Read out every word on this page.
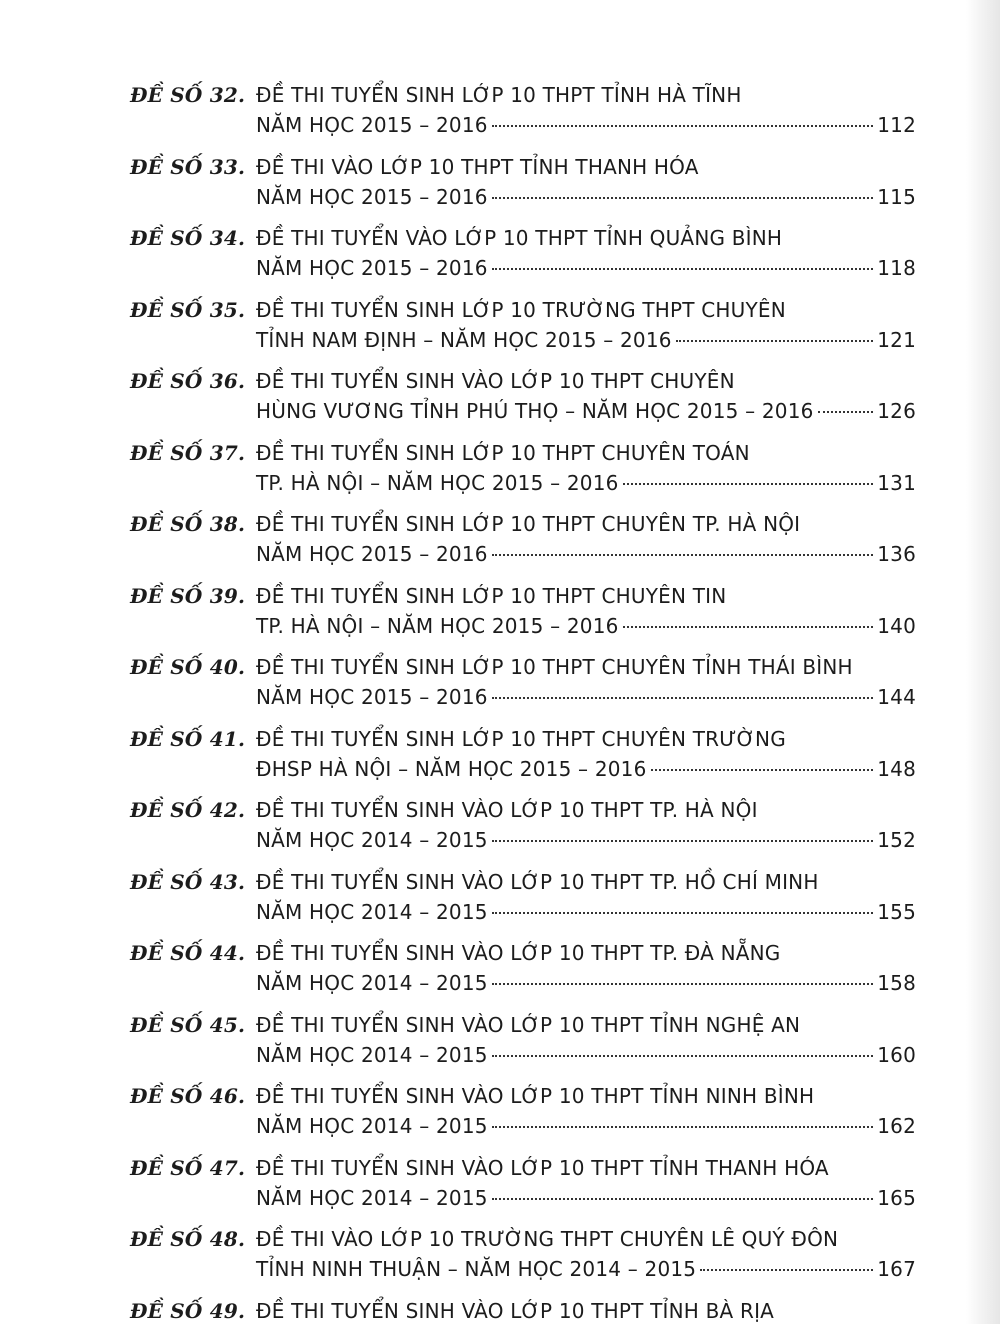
ĐỀ SỐ 32. ĐỀ THI TUYỂN SINH LỚP 10 THPT TỈNH HÀ TĨNH
NĂM HỌC 2015 – 2016	112
ĐỀ SỐ 33. ĐỀ THI VÀO LỚP 10 THPT TỈNH THANH HÓA
NĂM HỌC 2015 – 2016	115
ĐỀ SỐ 34. ĐỀ THI TUYỂN VÀO LỚP 10 THPT TỈNH QUẢNG BÌNH
NĂM HỌC 2015 – 2016	118
ĐỀ SỐ 35. ĐỀ THI TUYỂN SINH LỚP 10 TRƯỜNG THPT CHUYÊN
TỈNH NAM ĐỊNH – NĂM HỌC 2015 – 2016	121
ĐỀ SỐ 36. ĐỀ THI TUYỂN SINH VÀO LỚP 10 THPT CHUYÊN
HÙNG VƯƠNG TỈNH PHÚ THỌ – NĂM HỌC 2015 – 2016	126
ĐỀ SỐ 37. ĐỀ THI TUYỂN SINH LỚP 10 THPT CHUYÊN TOÁN
TP. HÀ NỘI – NĂM HỌC 2015 – 2016	131
ĐỀ SỐ 38. ĐỀ THI TUYỂN SINH LỚP 10 THPT CHUYÊN TP. HÀ NỘI
NĂM HỌC 2015 – 2016	136
ĐỀ SỐ 39. ĐỀ THI TUYỂN SINH LỚP 10 THPT CHUYÊN TIN
TP. HÀ NỘI – NĂM HỌC 2015 – 2016	140
ĐỀ SỐ 40. ĐỀ THI TUYỂN SINH LỚP 10 THPT CHUYÊN TỈNH THÁI BÌNH
NĂM HỌC 2015 – 2016	144
ĐỀ SỐ 41. ĐỀ THI TUYỂN SINH LỚP 10 THPT CHUYÊN TRƯỜNG
ĐHSP HÀ NỘI – NĂM HỌC 2015 – 2016	148
ĐỀ SỐ 42. ĐỀ THI TUYỂN SINH VÀO LỚP 10 THPT TP. HÀ NỘI
NĂM HỌC 2014 – 2015	152
ĐỀ SỐ 43. ĐỀ THI TUYỂN SINH VÀO LỚP 10 THPT TP. HỒ CHÍ MINH
NĂM HỌC 2014 – 2015	155
ĐỀ SỐ 44. ĐỀ THI TUYỂN SINH VÀO LỚP 10 THPT TP. ĐÀ NẴNG
NĂM HỌC 2014 – 2015	158
ĐỀ SỐ 45. ĐỀ THI TUYỂN SINH VÀO LỚP 10 THPT TỈNH NGHỆ AN
NĂM HỌC 2014 – 2015	160
ĐỀ SỐ 46. ĐỀ THI TUYỂN SINH VÀO LỚP 10 THPT TỈNH NINH BÌNH
NĂM HỌC 2014 – 2015	162
ĐỀ SỐ 47. ĐỀ THI TUYỂN SINH VÀO LỚP 10 THPT TỈNH THANH HÓA
NĂM HỌC 2014 – 2015	165
ĐỀ SỐ 48. ĐỀ THI VÀO LỚP 10 TRƯỜNG THPT CHUYÊN LÊ QUÝ ĐÔN
TỈNH NINH THUẬN – NĂM HỌC 2014 – 2015	167
ĐỀ SỐ 49. ĐỀ THI TUYỂN SINH VÀO LỚP 10 THPT TỈNH BÀ RỊA
